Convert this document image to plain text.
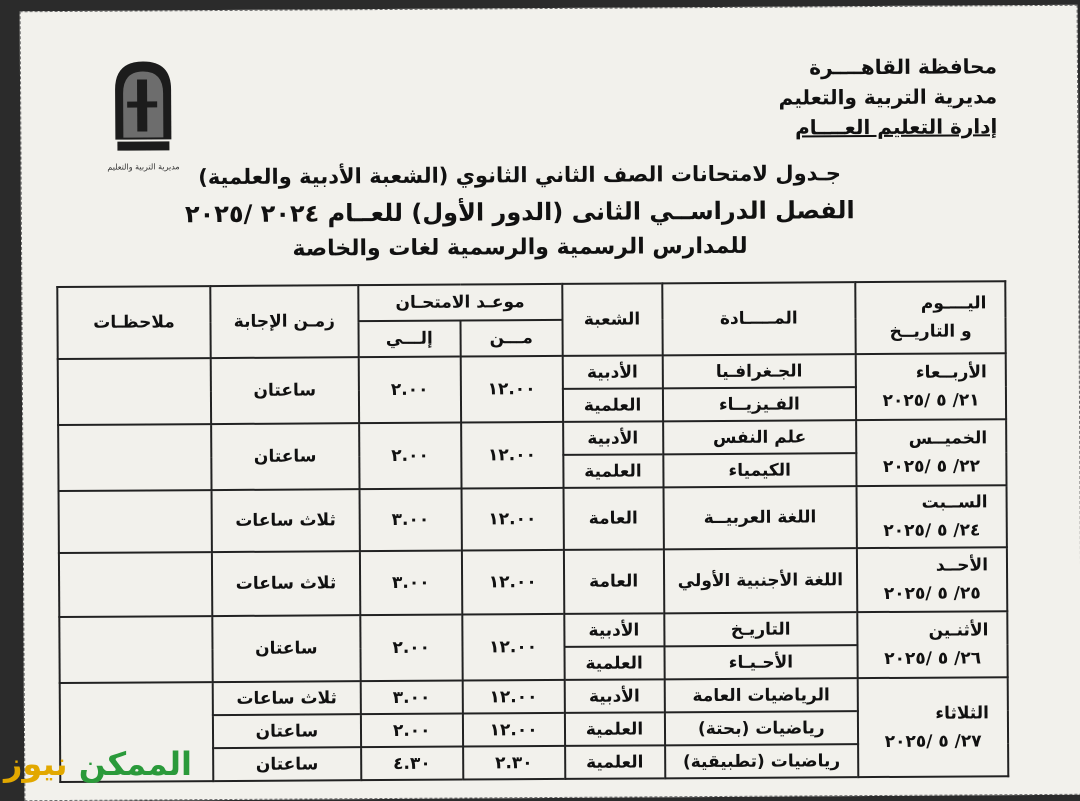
محافظة القاهــــرة
مديرية التربية والتعليم
إدارة التعليم العــــام
مديرية التربية والتعليم جـدول لامتحانات الصف الثاني الثانوي (الشعبة الأدبية والعلمية)
الفصل الدراســي الثانى (الدور الأول) للعــام ٢٠٢٤ /٢٠٢٥
للمدارس الرسمية والرسمية لغات والخاصة
اليــــوم
و التاريــخ	المـــــادة	الشعبة	موعـد الامتحـان		زمـن الإجابة	ملاحظـات
			مـــن	إلـــي		

الأربــعاء
٢١/ ٥ /٢٠٢٥	الجـغرافـيا	الأدبية	١٢.٠٠	٢.٠٠	ساعتان	
	الفـيزيــاء	العلمية				

الخميــس
٢٢/ ٥ /٢٠٢٥	علم النفس	الأدبية	١٢.٠٠	٢.٠٠	ساعتان	
	الكيمياء	العلمية				

الســبت
٢٤/ ٥ /٢٠٢٥	اللغة العربيــة	العامة	١٢.٠٠	٣.٠٠	ثلاث ساعات	

الأحــد
٢٥/ ٥ /٢٠٢٥	اللغة الأجنبية الأولي	العامة	١٢.٠٠	٣.٠٠	ثلاث ساعات	

الأثنـين
٢٦/ ٥ /٢٠٢٥	التاريـخ	الأدبية	١٢.٠٠	٢.٠٠	ساعتان	
	الأحـيـاء	العلمية				

الثلاثاء
٢٧/ ٥ /٢٠٢٥	الرياضيات العامة	الأدبية	١٢.٠٠	٣.٠٠	ثلاث ساعات	
	رياضيات (بحتة)	العلمية	١٢.٠٠	٢.٠٠	ساعتان	
	رياضيات (تطبيقية)	العلمية	٢.٣٠	٤.٣٠	ساعتان	
الممكن نيوز
